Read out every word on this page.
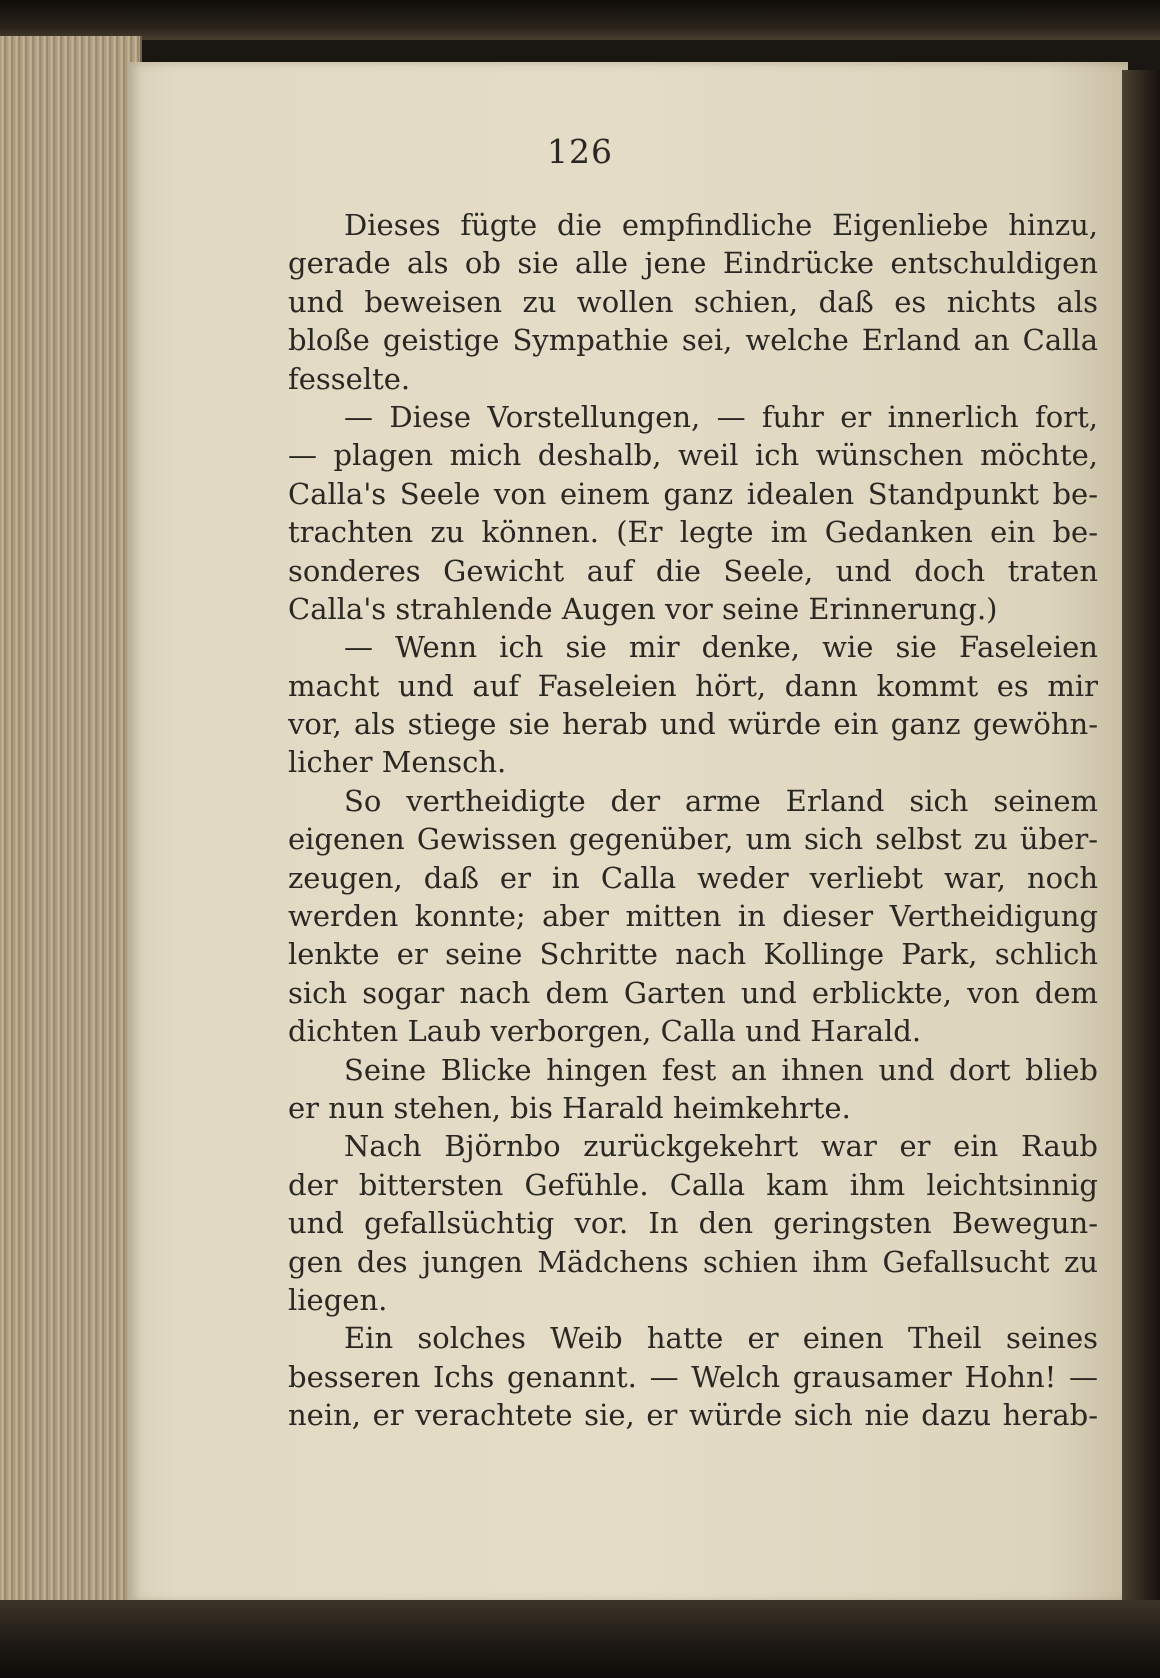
126
Dieses fügte die empfindliche Eigenliebe hinzu,
gerade als ob sie alle jene Eindrücke entschuldigen
und beweisen zu wollen schien, daß es nichts als
bloße geistige Sympathie sei, welche Erland an Calla
fesselte.
— Diese Vorstellungen, — fuhr er innerlich fort,
— plagen mich deshalb, weil ich wünschen möchte,
Calla's Seele von einem ganz idealen Standpunkt be-
trachten zu können. (Er legte im Gedanken ein be-
sonderes Gewicht auf die Seele, und doch traten
Calla's strahlende Augen vor seine Erinnerung.)
— Wenn ich sie mir denke, wie sie Faseleien
macht und auf Faseleien hört, dann kommt es mir
vor, als stiege sie herab und würde ein ganz gewöhn-
licher Mensch.
So vertheidigte der arme Erland sich seinem
eigenen Gewissen gegenüber, um sich selbst zu über-
zeugen, daß er in Calla weder verliebt war, noch
werden konnte; aber mitten in dieser Vertheidigung
lenkte er seine Schritte nach Kollinge Park, schlich
sich sogar nach dem Garten und erblickte, von dem
dichten Laub verborgen, Calla und Harald.
Seine Blicke hingen fest an ihnen und dort blieb
er nun stehen, bis Harald heimkehrte.
Nach Björnbo zurückgekehrt war er ein Raub
der bittersten Gefühle. Calla kam ihm leichtsinnig
und gefallsüchtig vor. In den geringsten Bewegun-
gen des jungen Mädchens schien ihm Gefallsucht zu
liegen.
Ein solches Weib hatte er einen Theil seines
besseren Ichs genannt. — Welch grausamer Hohn! —
nein, er verachtete sie, er würde sich nie dazu herab-
